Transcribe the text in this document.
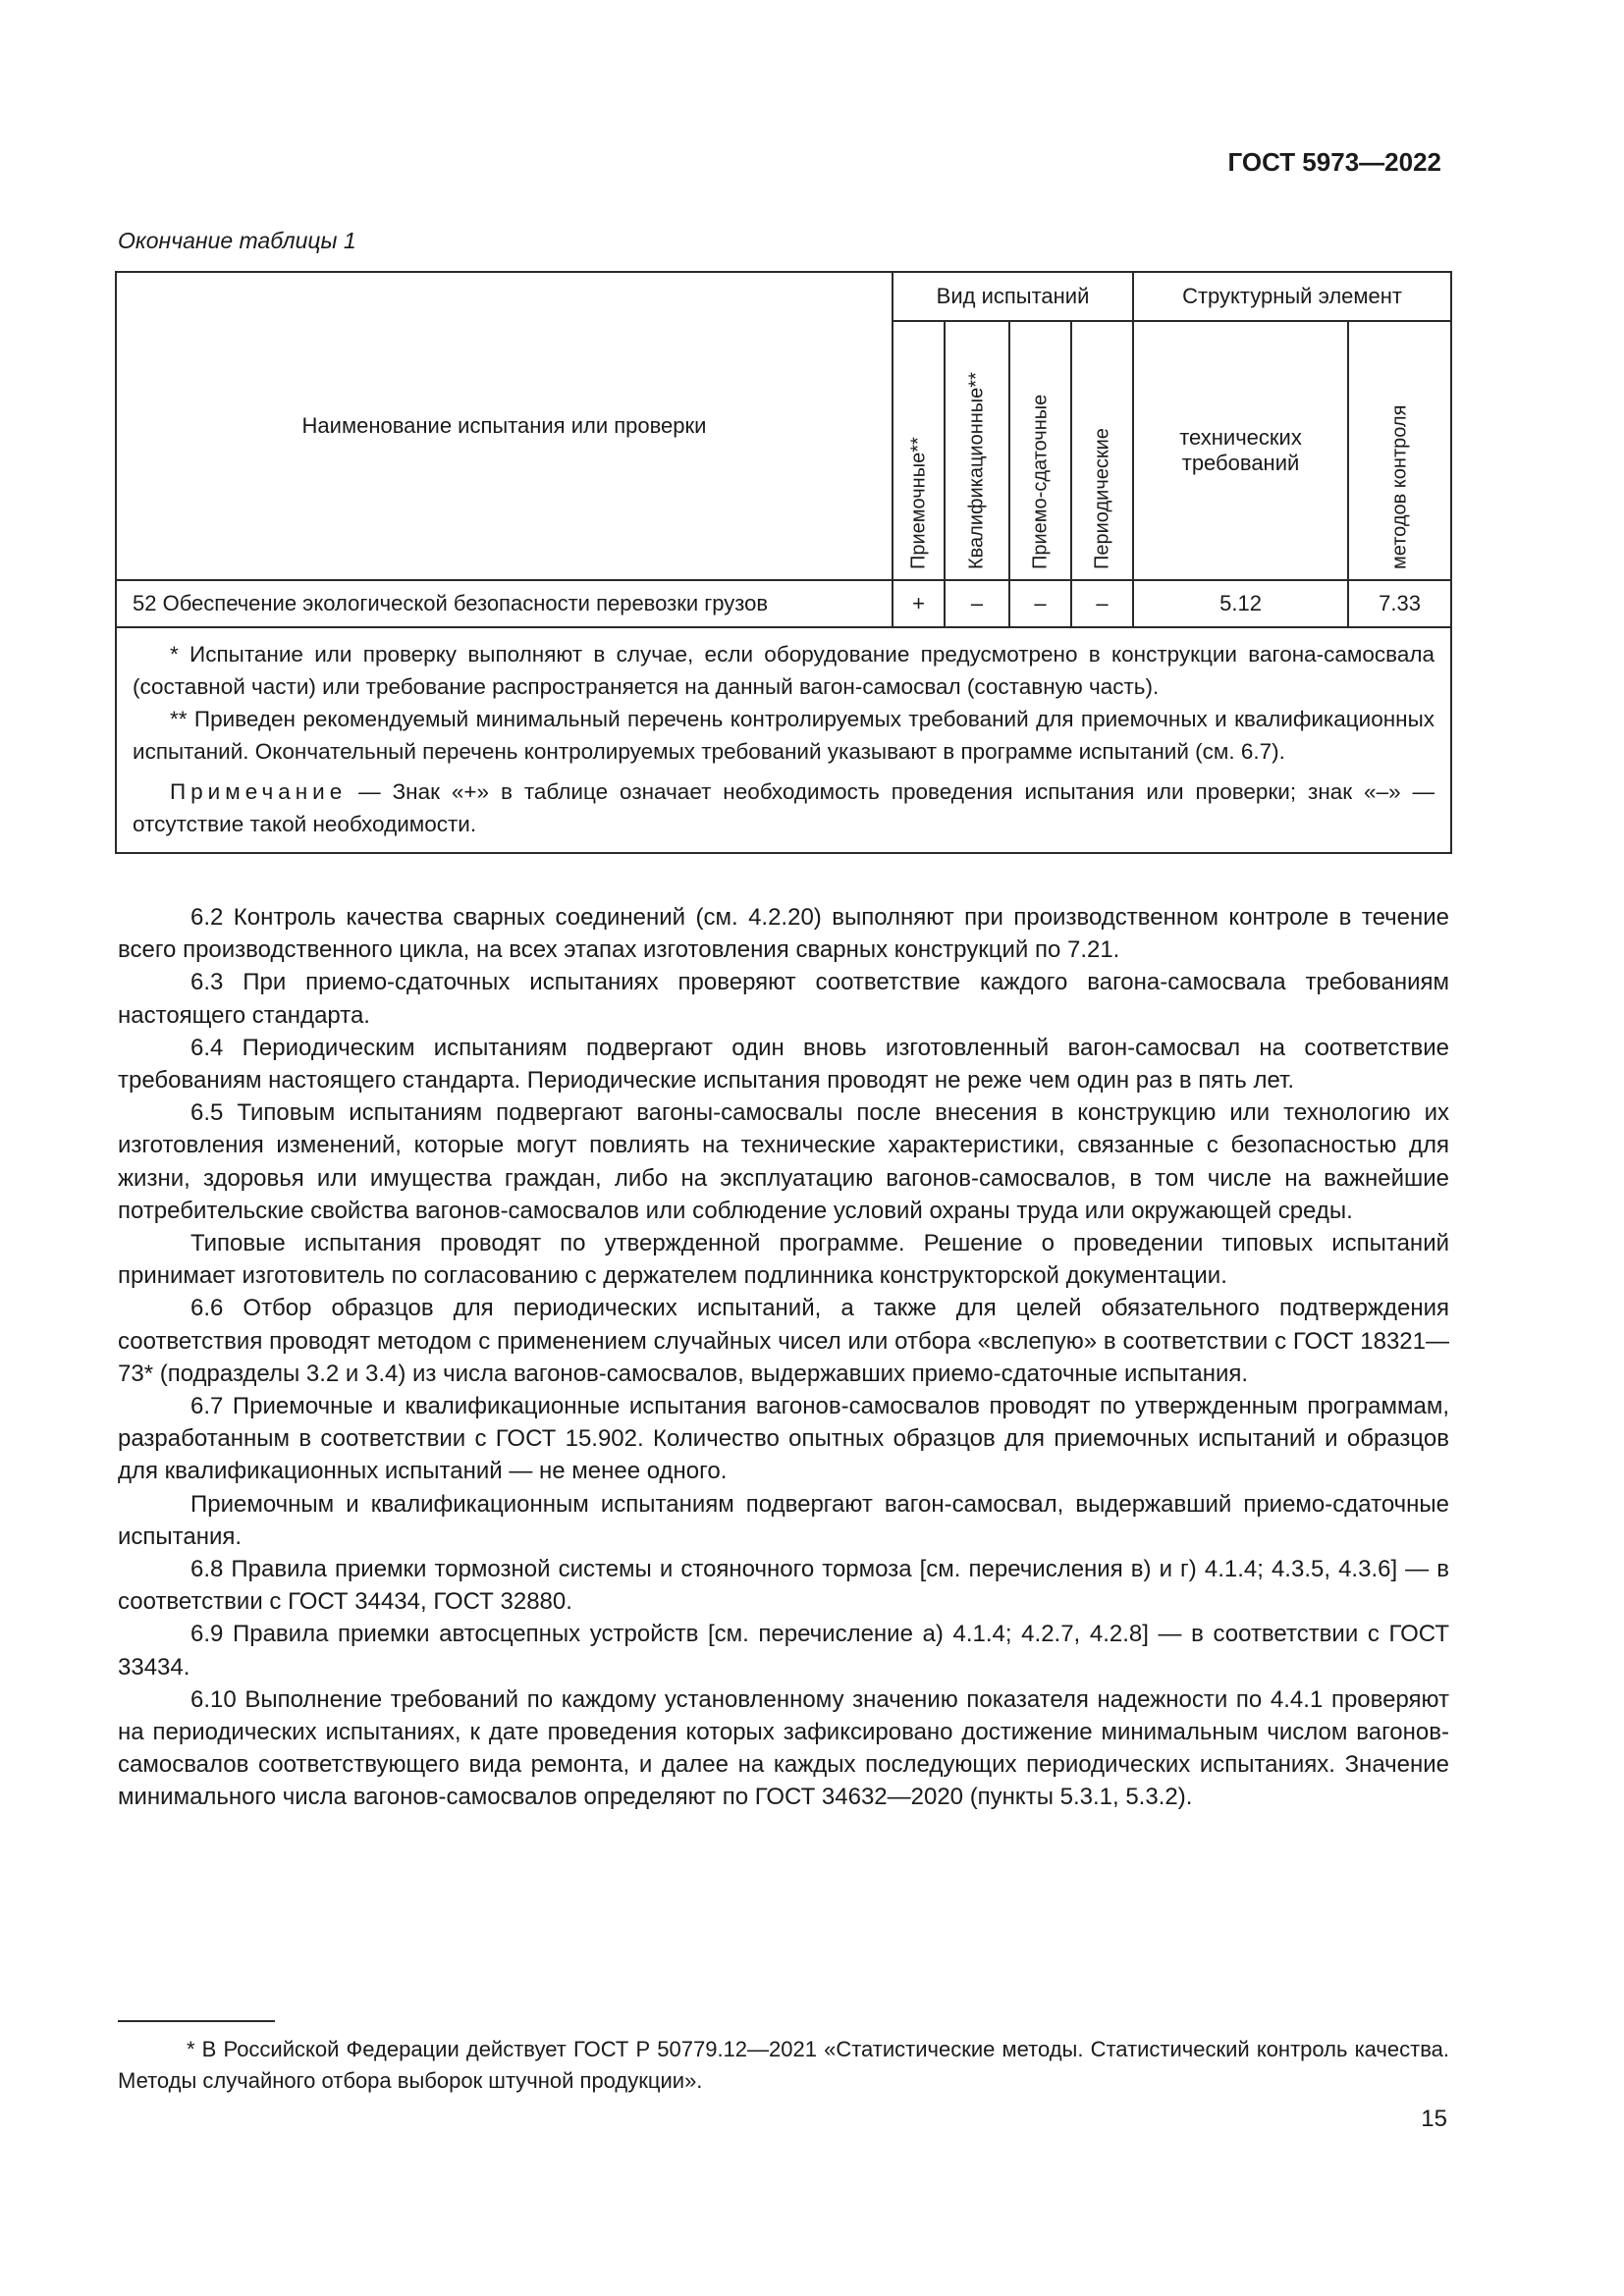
ГОСТ 5973—2022
Окончание таблицы 1
Наименование испытания или проверки	Вид испытаний				Структурный элемент	

	Приемочные**	Квалификационные**	Приемо-сдаточные	Периодические	технических требований	методов контроля

52 Обеспечение экологической безопасности перевозки грузов	+	–	–	–	5.12	7.33

* Испытание или проверку выполняют в случае, если оборудование предусмотрено в конструкции вагона-самосвала (составной части) или требование распространяется на данный вагон-самосвал (составную часть).

** Приведен рекомендуемый минимальный перечень контролируемых требований для приемочных и квалификационных испытаний. Окончательный перечень контролируемых требований указывают в программе испытаний (см. 6.7).

Примечание — Знак «+» в таблице означает необходимость проведения испытания или проверки; знак «–» — отсутствие такой необходимости.						

6.2 Контроль качества сварных соединений (см. 4.2.20) выполняют при производственном контроле в течение всего производственного цикла, на всех этапах изготовления сварных конструкций по 7.21.

6.3 При приемо-сдаточных испытаниях проверяют соответствие каждого вагона-самосвала требованиям настоящего стандарта.

6.4 Периодическим испытаниям подвергают один вновь изготовленный вагон-самосвал на соответствие требованиям настоящего стандарта. Периодические испытания проводят не реже чем один раз в пять лет.

6.5 Типовым испытаниям подвергают вагоны-самосвалы после внесения в конструкцию или технологию их изготовления изменений, которые могут повлиять на технические характеристики, связанные с безопасностью для жизни, здоровья или имущества граждан, либо на эксплуатацию вагонов-самосвалов, в том числе на важнейшие потребительские свойства вагонов-самосвалов или соблюдение условий охраны труда или окружающей среды.

Типовые испытания проводят по утвержденной программе. Решение о проведении типовых испытаний принимает изготовитель по согласованию с держателем подлинника конструкторской документации.

6.6 Отбор образцов для периодических испытаний, а также для целей обязательного подтверждения соответствия проводят методом с применением случайных чисел или отбора «вслепую» в соответствии с ГОСТ 18321—73* (подразделы 3.2 и 3.4) из числа вагонов-самосвалов, выдержавших приемо-сдаточные испытания.

6.7 Приемочные и квалификационные испытания вагонов-самосвалов проводят по утвержденным программам, разработанным в соответствии с ГОСТ 15.902. Количество опытных образцов для приемочных испытаний и образцов для квалификационных испытаний — не менее одного.

Приемочным и квалификационным испытаниям подвергают вагон-самосвал, выдержавший приемо-сдаточные испытания.

6.8 Правила приемки тормозной системы и стояночного тормоза [см. перечисления в) и г) 4.1.4; 4.3.5, 4.3.6] — в соответствии с ГОСТ 34434, ГОСТ 32880.

6.9 Правила приемки автосцепных устройств [см. перечисление а) 4.1.4; 4.2.7, 4.2.8] — в соответствии с ГОСТ 33434.

6.10 Выполнение требований по каждому установленному значению показателя надежности по 4.4.1 проверяют на периодических испытаниях, к дате проведения которых зафиксировано достижение минимальным числом вагонов-самосвалов соответствующего вида ремонта, и далее на каждых последующих периодических испытаниях. Значение минимального числа вагонов-самосвалов определяют по ГОСТ 34632—2020 (пункты 5.3.1, 5.3.2).

* В Российской Федерации действует ГОСТ Р 50779.12—2021 «Статистические методы. Статистический контроль качества. Методы случайного отбора выборок штучной продукции».

15
